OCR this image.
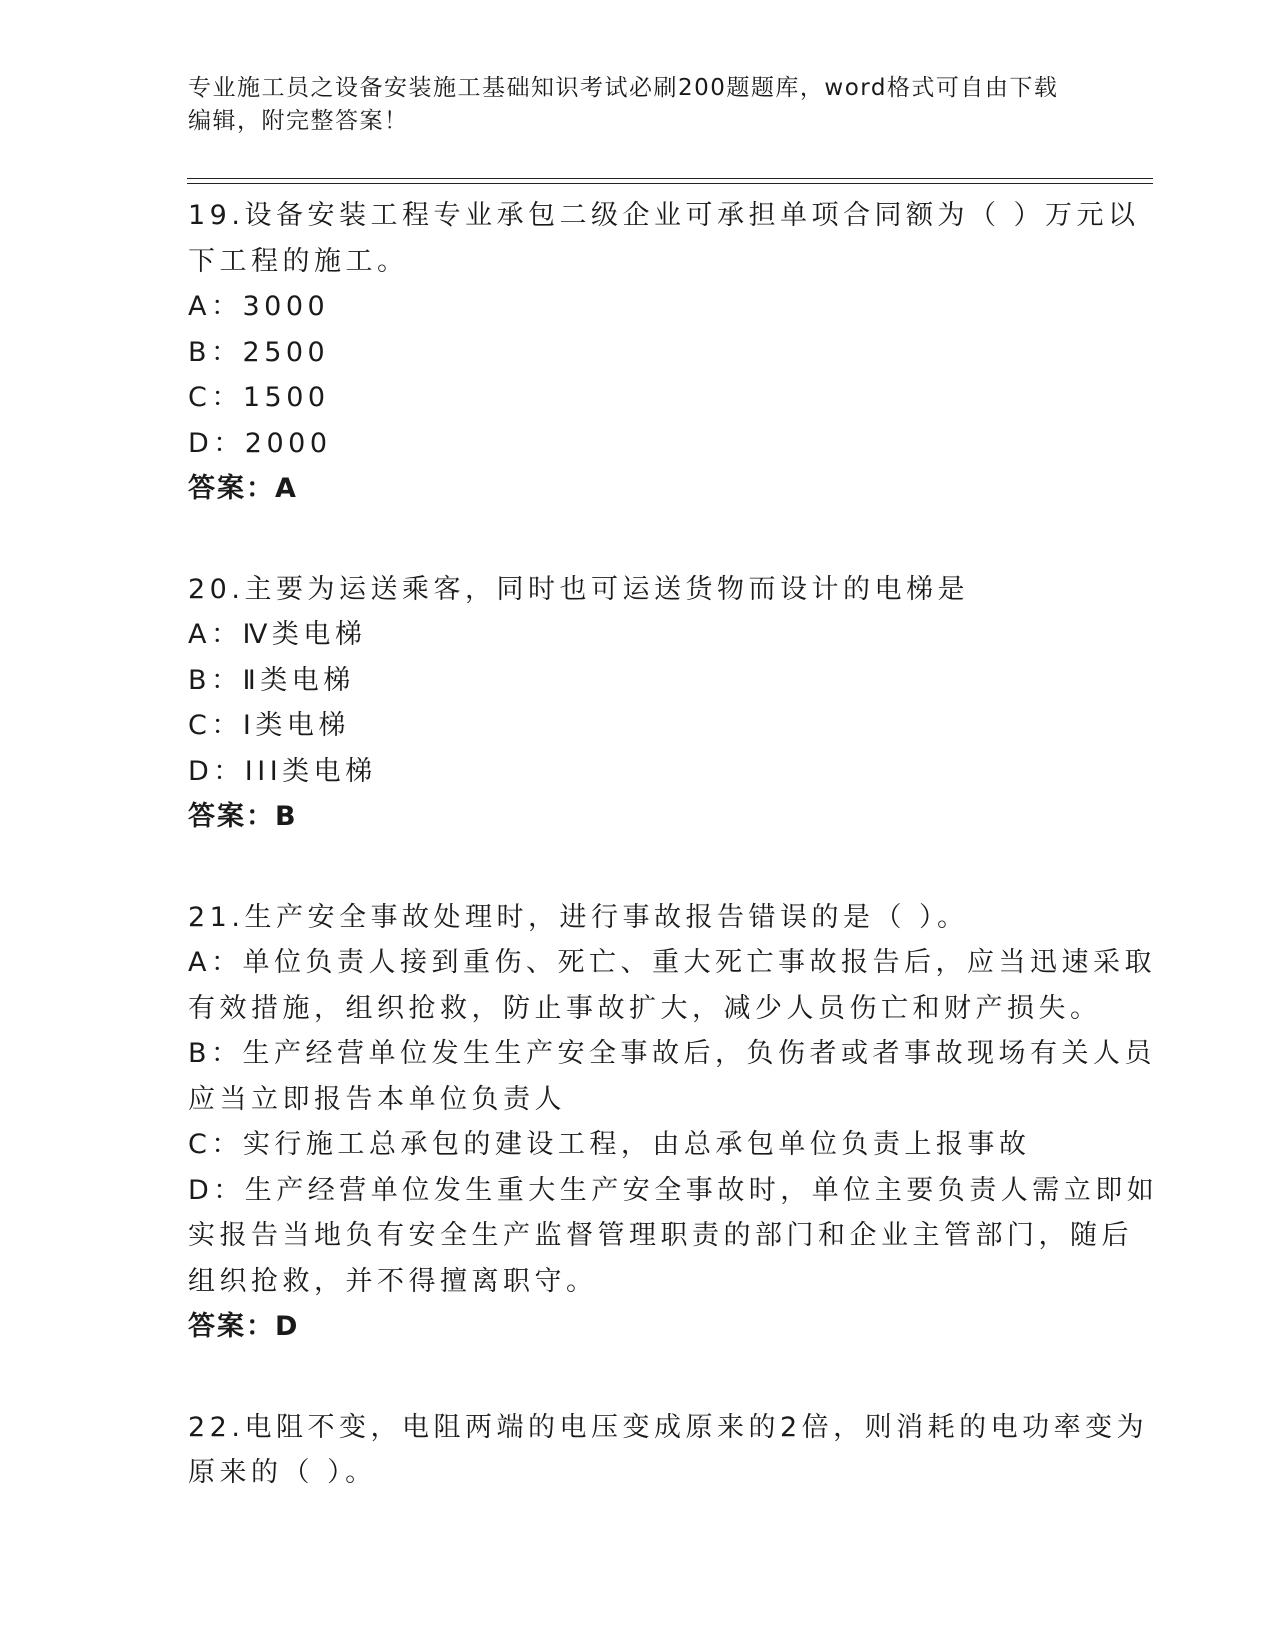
专业施工员之设备安装施工基础知识考试必刷200题题库，word格式可自由下载
编辑，附完整答案！
19.设备安装工程专业承包二级企业可承担单项合同额为（ ）万元以
下工程的施工。
A：3000
B：2500
C：1500
D：2000
答案：A
20.主要为运送乘客，同时也可运送货物而设计的电梯是
A：Ⅳ类电梯
B：Ⅱ类电梯
C：Ⅰ类电梯
D：III类电梯
答案：B
21.生产安全事故处理时，进行事故报告错误的是（ ）。
A：单位负责人接到重伤、死亡、重大死亡事故报告后，应当迅速采取
有效措施，组织抢救，防止事故扩大，减少人员伤亡和财产损失。
B：生产经营单位发生生产安全事故后，负伤者或者事故现场有关人员
应当立即报告本单位负责人
C：实行施工总承包的建设工程，由总承包单位负责上报事故
D：生产经营单位发生重大生产安全事故时，单位主要负责人需立即如
实报告当地负有安全生产监督管理职责的部门和企业主管部门，随后
组织抢救，并不得擅离职守。
答案：D
22.电阻不变，电阻两端的电压变成原来的2倍，则消耗的电功率变为
原来的（ ）。
